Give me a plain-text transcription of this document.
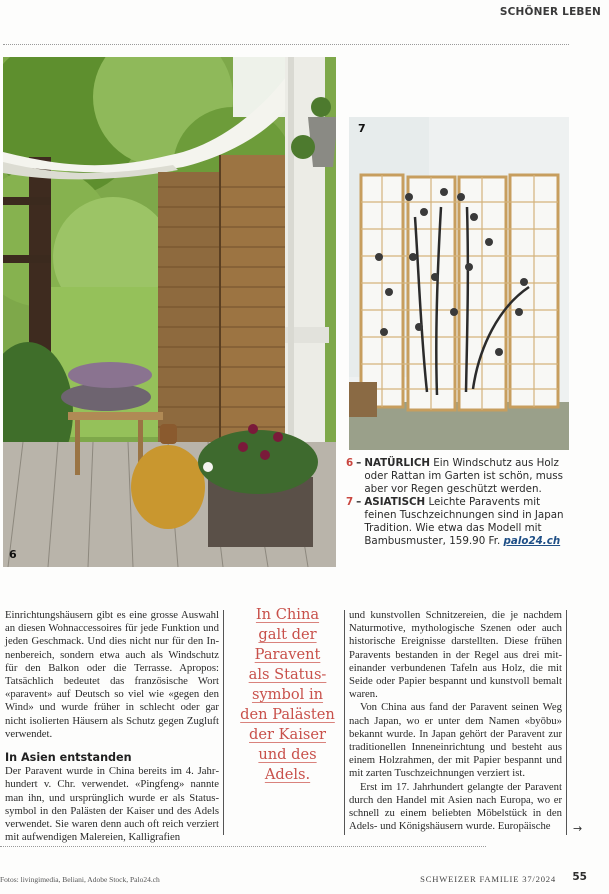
SCHÖNER LEBEN
6
7
6 – NATÜRLICH Ein Windschutz aus Holz oder Rattan im Garten ist schön, muss aber vor Regen geschützt werden.
7 – ASIATISCH Leichte Paravents mit feinen Tuschzeichnungen sind in Japan Tradition. Wie etwa das Modell mit Bambusmuster, 159.90 Fr. palo24.ch

Einrichtungshäusern gibt es eine grosse Auswahl an diesen Wohnaccessoires für jede Funktion und jeden Geschmack. Und dies nicht nur für den Innenbereich, sondern etwa auch als Windschutz für den Balkon oder die Terrasse. Apropos: Tatsächlich bedeutet das französische Wort «paravent» auf Deutsch so viel wie «gegen den Wind» und wurde früher in schlecht oder gar nicht isolierten Häusern als Schutz gegen Zugluft verwendet.

In Asien entstanden

Der Paravent wurde in China bereits im 4. Jahrhundert v. Chr. verwendet. «Pingfeng» nannte man ihn, und ursprünglich wurde er als Statussymbol in den Palästen der Kaiser und des Adels verwendet. Sie waren denn auch oft reich verziert mit aufwendigen Malereien, Kalligrafien

In China
galt der
Paravent
als Status-
symbol in
den Palästen
der Kaiser
und des
Adels.

und kunstvollen Schnitzereien, die je nachdem Naturmotive, mythologische Szenen oder auch historische Ereignisse darstellten. Diese frühen Paravents bestanden in der Regel aus drei miteinander verbundenen Tafeln aus Holz, die mit Seide oder Papier bespannt und kunstvoll bemalt waren.

Von China aus fand der Paravent seinen Weg nach Japan, wo er unter dem Namen «byōbu» bekannt wurde. In Japan gehört der Paravent zur traditionellen Inneneinrichtung und besteht aus einem Holzrahmen, der mit Papier bespannt und mit zarten Tuschzeichnungen verziert ist.

Erst im 17. Jahrhundert gelangte der Paravent durch den Handel mit Asien nach Europa, wo er schnell zu einem beliebten Möbelstück in den Adels- und Königshäusern wurde. Europäische	→
Fotos: livingimedia, Beliani, Adobe Stock, Palo24.ch	SCHWEIZER FAMILIE 37/2024 55
